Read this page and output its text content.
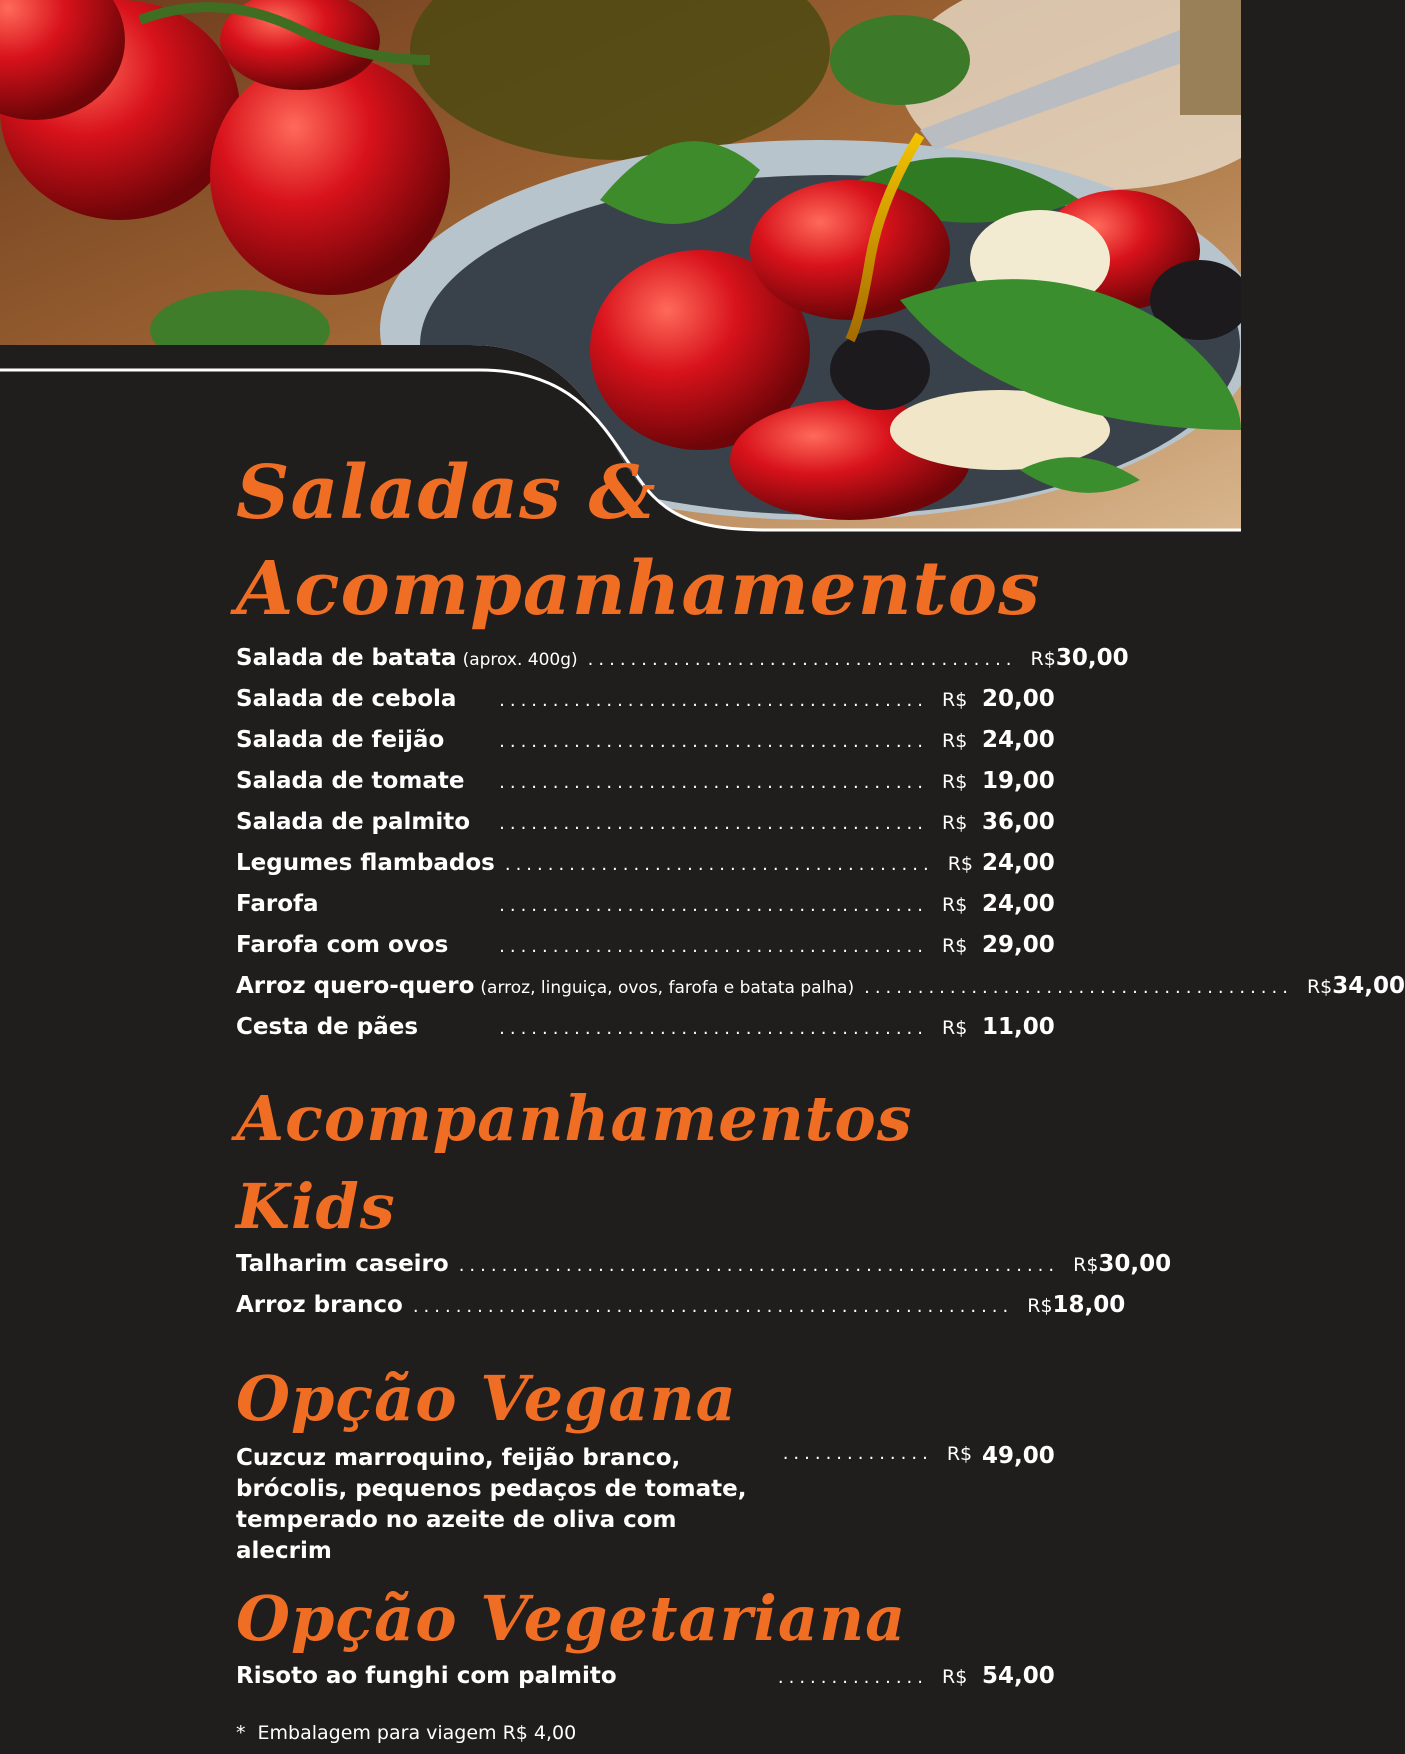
Saladas &
Acompanhamentos
Salada de batata (aprox. 400g) ........................................ R$ 30,00
Salada de cebola	........................................ R$ 20,00
Salada de feijão	........................................ R$ 24,00
Salada de tomate	........................................ R$ 19,00
Salada de palmito	........................................ R$ 36,00
Legumes flambados ........................................ R$ 24,00
Farofa	........................................ R$ 24,00
Farofa com ovos	........................................ R$ 29,00
Arroz quero-quero (arroz, linguiça, ovos, farofa e batata palha) ........................................ R$ 34,00
Cesta de pães	........................................ R$ 11,00
Acompanhamentos Kids
Talharim caseiro ........................................................ R$ 30,00
Arroz branco ........................................................ R$ 18,00
Opção Vegana
Cuzcuz marroquino, feijão branco, brócolis, pequenos pedaços de tomate, temperado no azeite de oliva com alecrim
.............. R$ 49,00
Opção Vegetariana
Risoto ao funghi com palmito	.............. R$ 54,00
* Embalagem para viagem R$ 4,00
